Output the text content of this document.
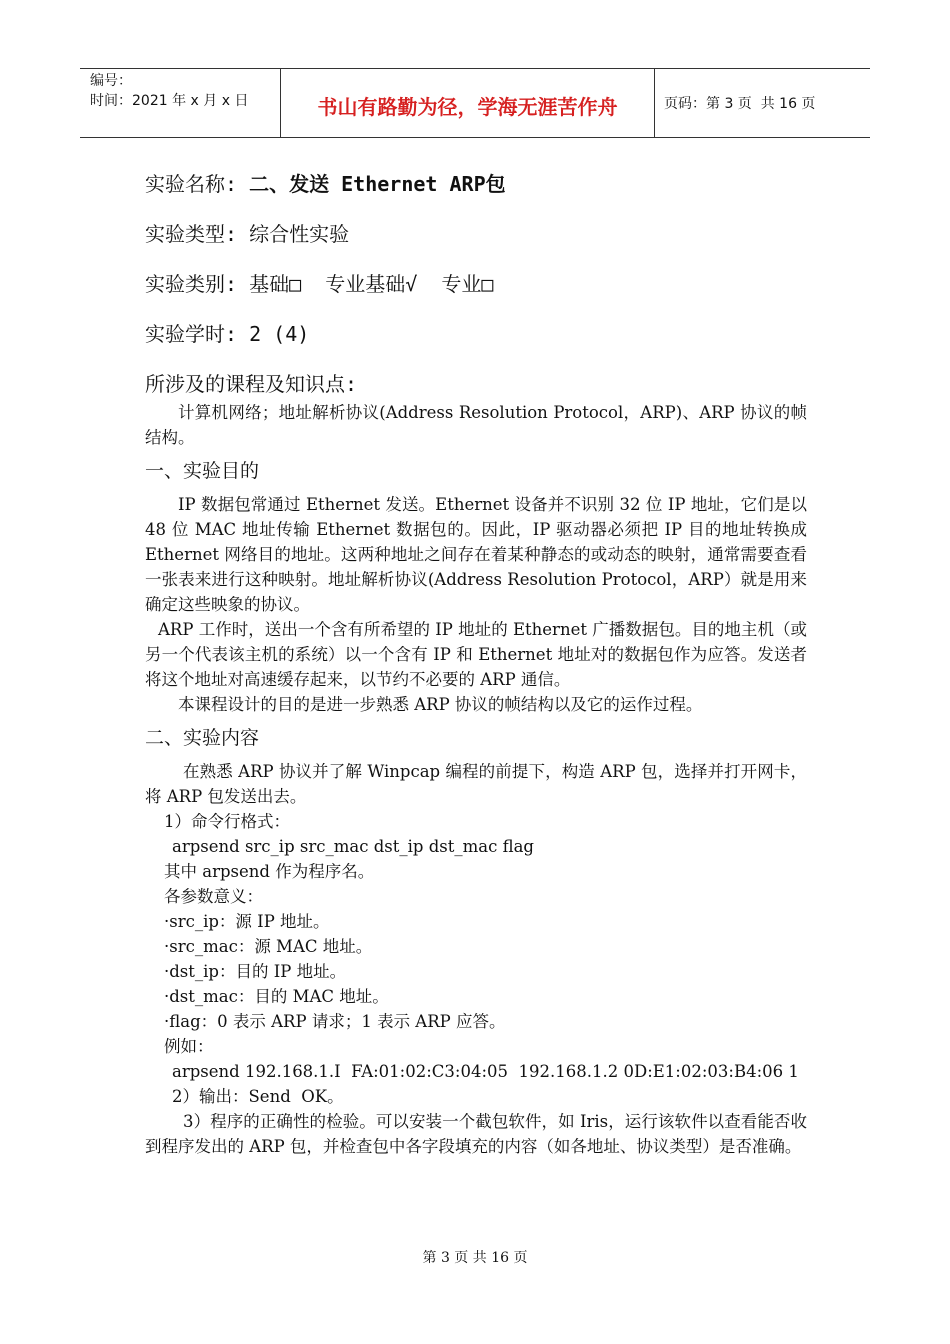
编号：
时间：2021 年 x 月 x 日	书山有路勤为径，学海无涯苦作舟	页码：第 3 页  共 16 页
实验名称: 二、发送 Ethernet ARP包
实验类型: 综合性实验
实验类别: 基础□  专业基础√  专业□
实验学时: 2 (4)
所涉及的课程及知识点:

计算机网络；地址解析协议(Address Resolution Protocol，ARP)、ARP 协议的帧结构。

一、实验目的

IP 数据包常通过 Ethernet 发送。Ethernet 设备并不识别 32 位 IP 地址，它们是以 48 位 MAC 地址传输 Ethernet 数据包的。因此，IP 驱动器必须把 IP 目的地址转换成 Ethernet 网络目的地址。这两种地址之间存在着某种静态的或动态的映射，通常需要查看一张表来进行这种映射。地址解析协议(Address Resolution Protocol，ARP）就是用来确定这些映象的协议。

ARP 工作时，送出一个含有所希望的 IP 地址的 Ethernet 广播数据包。目的地主机（或另一个代表该主机的系统）以一个含有 IP 和 Ethernet 地址对的数据包作为应答。发送者将这个地址对高速缓存起来，以节约不必要的 ARP 通信。

本课程设计的目的是进一步熟悉 ARP 协议的帧结构以及它的运作过程。

二、实验内容

在熟悉 ARP 协议并了解 Winpcap 编程的前提下，构造 ARP 包，选择并打开网卡，将 ARP 包发送出去。

1）命令行格式：

arpsend src_ip src_mac dst_ip dst_mac flag

其中 arpsend 作为程序名。

各参数意义：

·src_ip：源 IP 地址。

·src_mac：源 MAC 地址。

·dst_ip：目的 IP 地址。

·dst_mac：目的 MAC 地址。

·flag：0 表示 ARP 请求；1 表示 ARP 应答。

例如：

arpsend 192.168.1.I  FA:01:02:C3:04:05  192.168.1.2 0D:E1:02:03:B4:06 1

2）输出：Send  OK。

3）程序的正确性的检验。可以安装一个截包软件，如 Iris，运行该软件以查看能否收到程序发出的 ARP 包，并检查包中各字段填充的内容（如各地址、协议类型）是否准确。

第 3 页 共 16 页
